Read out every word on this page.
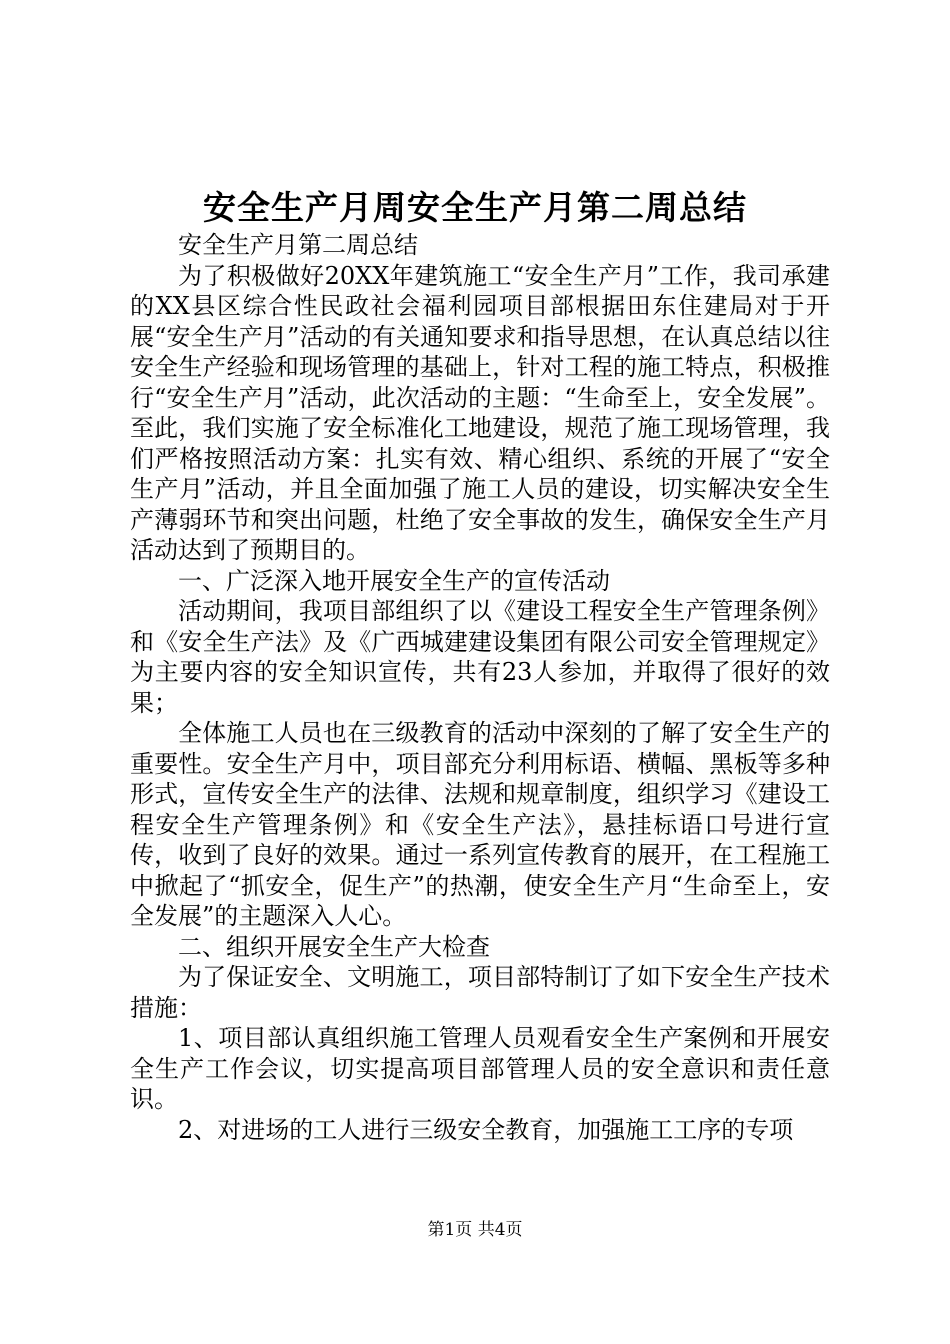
安全生产月周安全生产月第二周总结

安全生产月第二周总结

为了积极做好20XX年建筑施工“安全生产月”工作，我司承建的XX县区综合性民政社会福利园项目部根据田东住建局对于开展“安全生产月”活动的有关通知要求和指导思想，在认真总结以往安全生产经验和现场管理的基础上，针对工程的施工特点，积极推行“安全生产月”活动，此次活动的主题：“生命至上，安全发展”。至此，我们实施了安全标准化工地建设，规范了施工现场管理，我们严格按照活动方案：扎实有效、精心组织、系统的开展了“安全生产月”活动，并且全面加强了施工人员的建设，切实解决安全生产薄弱环节和突出问题，杜绝了安全事故的发生，确保安全生产月活动达到了预期目的。

一、广泛深入地开展安全生产的宣传活动

活动期间，我项目部组织了以《建设工程安全生产管理条例》和《安全生产法》及《广西城建建设集团有限公司安全管理规定》为主要内容的安全知识宣传，共有23人参加，并取得了很好的效果；

全体施工人员也在三级教育的活动中深刻的了解了安全生产的重要性。安全生产月中，项目部充分利用标语、横幅、黑板等多种形式，宣传安全生产的法律、法规和规章制度，组织学习《建设工程安全生产管理条例》和《安全生产法》，悬挂标语口号进行宣传，收到了良好的效果。通过一系列宣传教育的展开，在工程施工中掀起了“抓安全，促生产”的热潮，使安全生产月“生命至上，安全发展”的主题深入人心。

二、组织开展安全生产大检查

为了保证安全、文明施工，项目部特制订了如下安全生产技术措施：

1、项目部认真组织施工管理人员观看安全生产案例和开展安全生产工作会议，切实提高项目部管理人员的安全意识和责任意识。

2、对进场的工人进行三级安全教育，加强施工工序的专项

第1页 共4页
